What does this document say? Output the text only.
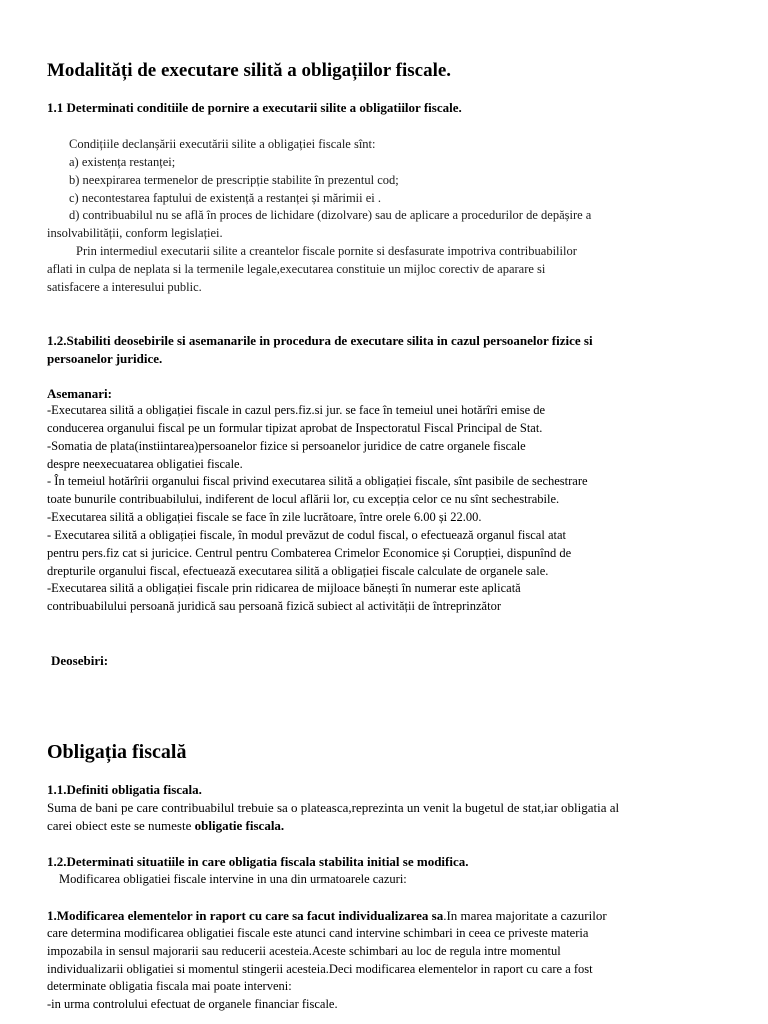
Modalități de executare silită a obligațiilor fiscale.
1.1 Determinati conditiile de pornire a executarii silite a obligatiilor fiscale.
Condițiile declanșării executării silite a obligației fiscale sînt:
a) existența restanței;
b) neexpirarea termenelor de prescripție stabilite în prezentul cod;
c) necontestarea faptului de existență a restanței și mărimii ei .
d) contribuabilul nu se află în proces de lichidare (dizolvare) sau de aplicare a procedurilor de depășire a
insolvabilității, conform legislației.
Prin intermediul executarii silite a creantelor fiscale pornite si desfasurate impotriva contribuabililor
aflati in culpa de neplata si la termenile legale,executarea constituie un mijloc corectiv de aparare si
satisfacere a interesului public.
1.2.Stabiliti deosebirile si asemanarile in procedura de executare silita in cazul persoanelor fizice si
persoanelor juridice.
Asemanari:
-Executarea silită a obligației fiscale in cazul pers.fiz.si jur. se face în temeiul unei hotărîri emise de
conducerea organului fiscal pe un formular tipizat aprobat de Inspectoratul Fiscal Principal de Stat.
-Somatia de plata(instiintarea)persoanelor fizice si persoanelor juridice de catre organele fiscale
despre neexecuatarea obligatiei fiscale.
- În temeiul hotărîrii organului fiscal privind executarea silită a obligației fiscale, sînt pasibile de sechestrare
toate bunurile contribuabilului, indiferent de locul aflării lor, cu excepția celor ce nu sînt sechestrabile.
-Executarea silită a obligației fiscale se face în zile lucrătoare, între orele 6.00 și 22.00.
- Executarea silită a obligației fiscale, în modul prevăzut de codul fiscal, o efectuează organul fiscal atat
pentru pers.fiz cat si juricice. Centrul pentru Combaterea Crimelor Economice și Corupției, dispunînd de
drepturile organului fiscal, efectuează executarea silită a obligației fiscale calculate de organele sale.
-Executarea silită a obligației fiscale prin ridicarea de mijloace bănești în numerar este aplicată
contribuabilului persoană juridică sau persoană fizică subiect al activității de întreprinzător
Deosebiri:
Obligația fiscală
1.1.Definiti obligatia fiscala.
Suma de bani pe care contribuabilul trebuie sa o plateasca,reprezinta un venit la bugetul de stat,iar obligatia al
carei obiect este se numeste obligatie fiscala.
1.2.Determinati situatiile in care obligatia fiscala stabilita initial se modifica.
Modificarea obligatiei fiscale intervine in una din urmatoarele cazuri:
1.Modificarea elementelor in raport cu care sa facut individualizarea sa.In marea majoritate a cazurilor
care determina modificarea obligatiei fiscale este atunci cand intervine schimbari in ceea ce priveste materia
impozabila in sensul majorarii sau reducerii acesteia.Aceste schimbari au loc de regula intre momentul
individualizarii obligatiei si momentul stingerii acesteia.Deci modificarea elementelor in raport cu care a fost
determinate obligatia fiscala mai poate interveni:
-in urma controlului efectuat de organele financiar fiscale.
